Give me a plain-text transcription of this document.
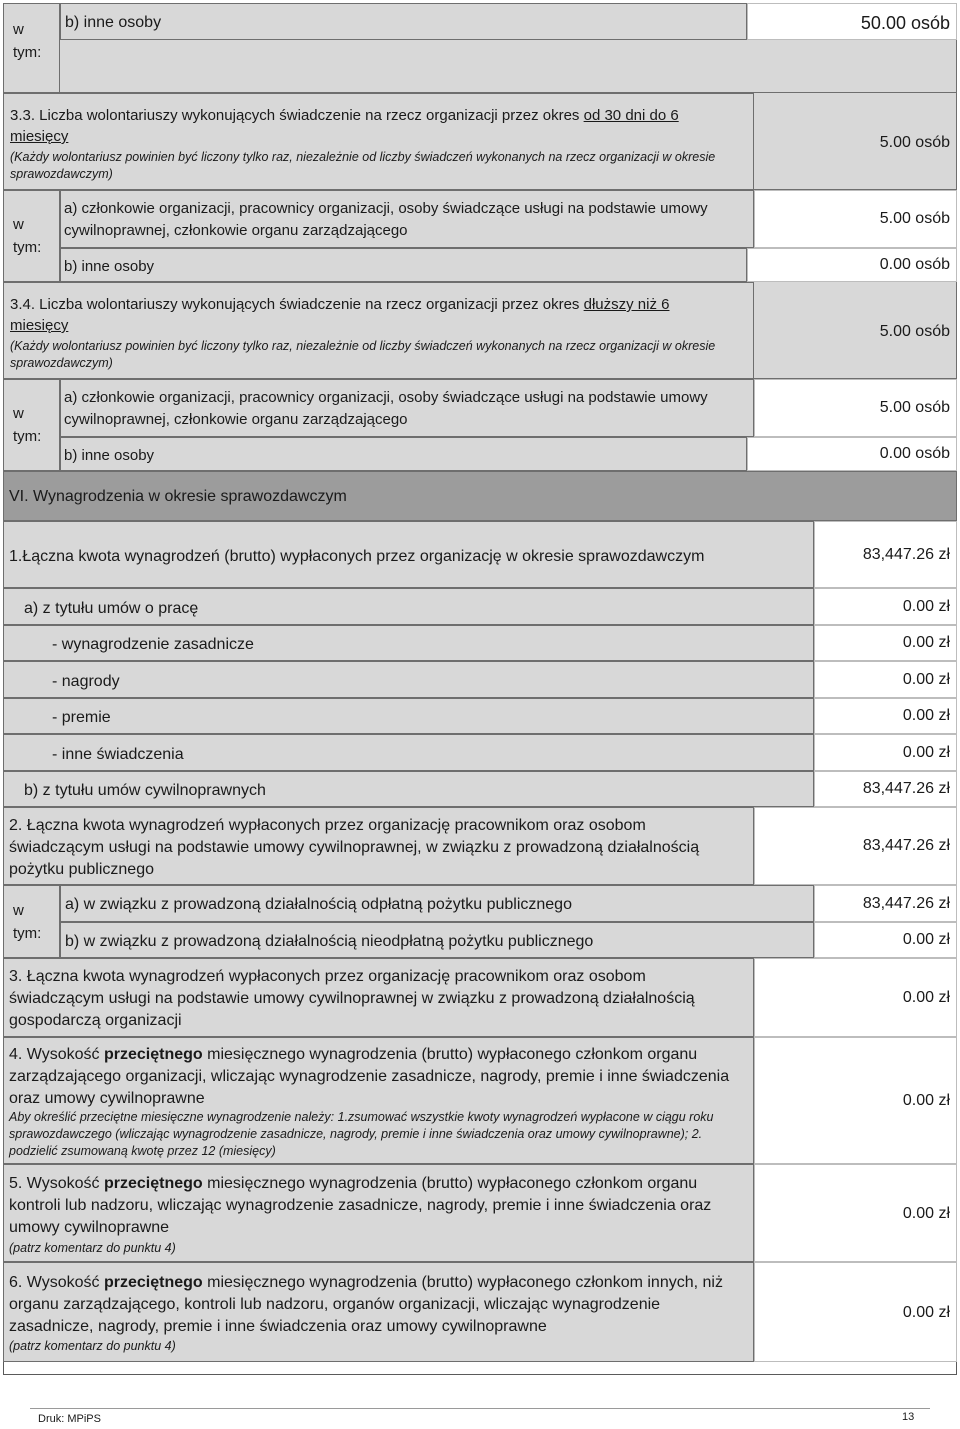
w
tym:
b) inne osoby	50.00 osób
3.3. Liczba wolontariuszy wykonujących świadczenie na rzecz organizacji przez okres od 30 dni do 6
miesięcy
(Każdy wolontariusz powinien być liczony tylko raz, niezależnie od liczby świadczeń wykonanych na rzecz organizacji w okresie sprawozdawczym)
5.00 osób
w
tym:
a) członkowie organizacji, pracownicy organizacji, osoby świadczące usługi na podstawie umowy cywilnoprawnej, członkowie organu zarządzającego
5.00 osób
b) inne osoby	0.00 osób
3.4. Liczba wolontariuszy wykonujących świadczenie na rzecz organizacji przez okres dłuższy niż 6
miesięcy
(Każdy wolontariusz powinien być liczony tylko raz, niezależnie od liczby świadczeń wykonanych na rzecz organizacji w okresie sprawozdawczym)
5.00 osób
w
tym:
a) członkowie organizacji, pracownicy organizacji, osoby świadczące usługi na podstawie umowy cywilnoprawnej, członkowie organu zarządzającego
5.00 osób
b) inne osoby	0.00 osób
VI. Wynagrodzenia w okresie sprawozdawczym
1.Łączna kwota wynagrodzeń (brutto) wypłaconych przez organizację w okresie sprawozdawczym	83,447.26 zł
a) z tytułu umów o pracę	0.00 zł
- wynagrodzenie zasadnicze	0.00 zł
- nagrody	0.00 zł
- premie	0.00 zł
- inne świadczenia	0.00 zł
b) z tytułu umów cywilnoprawnych	83,447.26 zł
2. Łączna kwota wynagrodzeń wypłaconych przez organizację pracownikom oraz osobom świadczącym usługi na podstawie umowy cywilnoprawnej, w związku z prowadzoną działalnością pożytku publicznego
83,447.26 zł
w
tym:
a) w związku z prowadzoną działalnością odpłatną pożytku publicznego	83,447.26 zł
b) w związku z prowadzoną działalnością nieodpłatną pożytku publicznego	0.00 zł
3. Łączna kwota wynagrodzeń wypłaconych przez organizację pracownikom oraz osobom świadczącym usługi na podstawie umowy cywilnoprawnej w związku z prowadzoną działalnością gospodarczą organizacji
0.00 zł
4. Wysokość przeciętnego miesięcznego wynagrodzenia (brutto) wypłaconego członkom organu zarządzającego organizacji, wliczając wynagrodzenie zasadnicze, nagrody, premie i inne świadczenia oraz umowy cywilnoprawne
Aby określić przeciętne miesięczne wynagrodzenie należy: 1.zsumować wszystkie kwoty wynagrodzeń wypłacone w ciągu roku sprawozdawczego (wliczając wynagrodzenie zasadnicze, nagrody, premie i inne świadczenia oraz umowy cywilnoprawne); 2. podzielić zsumowaną kwotę przez 12 (miesięcy)
0.00 zł
5. Wysokość przeciętnego miesięcznego wynagrodzenia (brutto) wypłaconego członkom organu kontroli lub nadzoru, wliczając wynagrodzenie zasadnicze, nagrody, premie i inne świadczenia oraz umowy cywilnoprawne
(patrz komentarz do punktu 4)
0.00 zł
6. Wysokość przeciętnego miesięcznego wynagrodzenia (brutto) wypłaconego członkom innych, niż organu zarządzającego, kontroli lub nadzoru, organów organizacji, wliczając wynagrodzenie zasadnicze, nagrody, premie i inne świadczenia oraz umowy cywilnoprawne
(patrz komentarz do punktu 4)
0.00 zł
Druk: MPiPS	13
